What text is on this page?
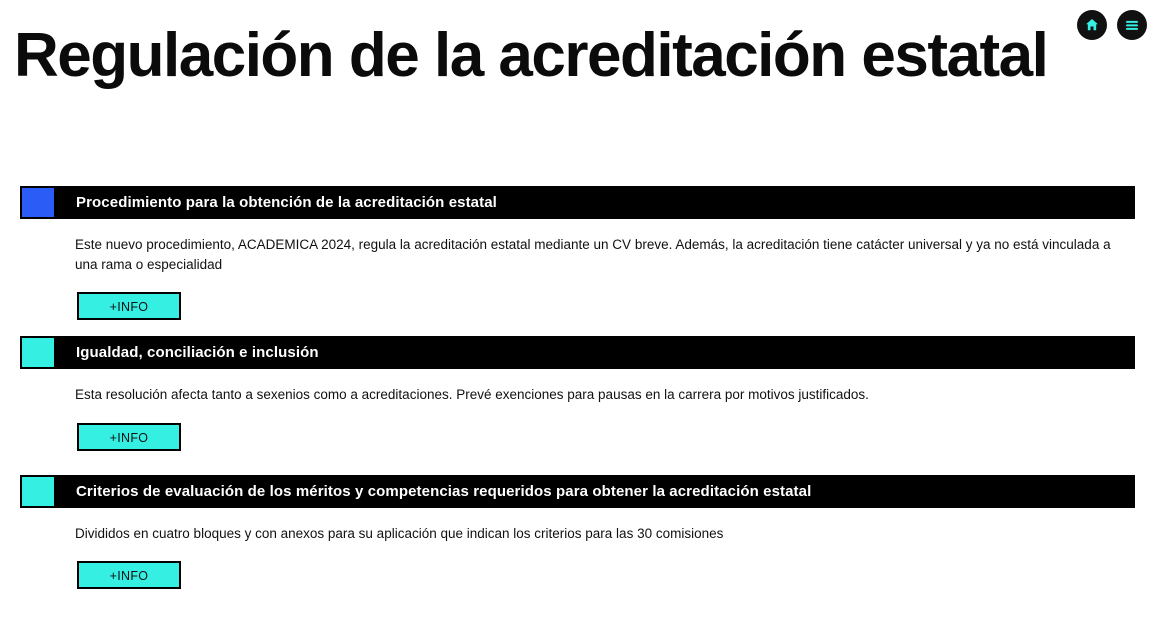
Regulación de la acreditación estatal
Procedimiento para la obtención de la acreditación estatal

Este nuevo procedimiento, ACADEMICA 2024, regula la acreditación estatal mediante un CV breve. Además, la acreditación tiene catácter universal y ya no está vinculada a una rama o especialidad

+INFO
Igualdad, conciliación e inclusión

Esta resolución afecta tanto a sexenios como a acreditaciones. Prevé exenciones para pausas en la carrera por motivos justificados.

+INFO
Criterios de evaluación de los méritos y competencias requeridos para obtener la acreditación estatal

Divididos en cuatro bloques y con anexos para su aplicación que indican los criterios para las 30 comisiones

+INFO
